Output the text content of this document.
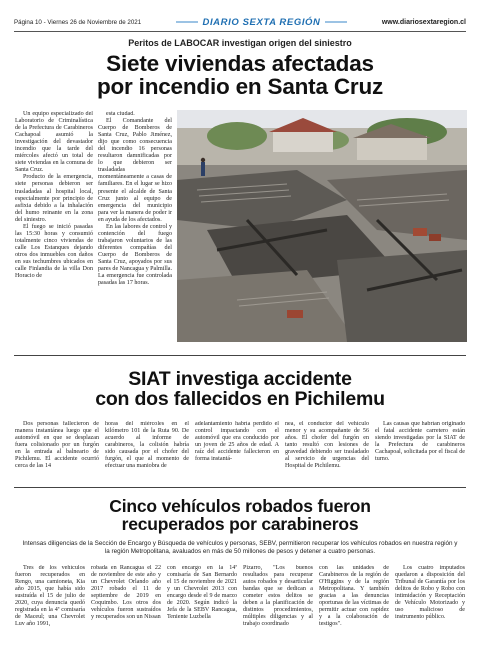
Página 10 - Viernes 26 de Noviembre de 2021	DIARIO SEXTA REGIÓN	www.diariosextaregion.cl
Peritos de LABOCAR investigan origen del siniestro
Siete viviendas afectadas
por incendio en Santa Cruz

Un equipo especializado del Laboratorio de Criminalística de la Prefectura de Carabineros Cachapoal asumió la investigación del devastador incendio que la tarde del miércoles afectó un total de siete viviendas en la comuna de Santa Cruz.

Producto de la emergencia, siete personas debieron ser trasladadas al hospital local, especialmente por principio de asfixia debido a la inhalación del humo reinante en la zona del siniestro.

El fuego se inició pasadas las 15:30 horas y consumió totalmente cinco viviendas de calle Los Estanques dejando otros dos inmuebles con daños en sus techumbres ubicados en calle Finlandia de la villa Don Horacio de

esta ciudad.

El Comandante del Cuerpo de Bomberos de Santa Cruz, Pablo Jiménez, dijo que como consecuencia del incendio 16 personas resultaron damnificadas por lo que debieron ser trasladadas momentáneamente a casas de familiares. En el lugar se hizo presente el alcalde de Santa Cruz junto al equipo de emergencia del municipio para ver la manera de poder ir en ayuda de los afectados.

En las labores de control y contención del fuego trabajaron voluntarios de las diferentes compañías del Cuerpo de Bomberos de Santa Cruz, apoyados por sus pares de Nancagua y Palmilla. La emergencia fue controlada pasadas las 17 horas.

SIAT investiga accidente
con dos fallecidos en Pichilemu

Dos personas fallecieron de manera instantánea luego que el automóvil en que se desplazan fuera colisionado por un furgón en la entrada al balneario de Pichilemu. El accidente ocurrió cerca de las 14

horas del miércoles en el kilómetro 101 de la Ruta 90. De acuerdo al informe de carabineros, la colisión habría sido causada por el chofer del furgón, el que al momento de efectuar una maniobra de

adelantamiento habría perdido el control impactando con el automóvil que era conducido por un joven de 25 años de edad. A raíz del accidente fallecieron en forma instantá-

nea, el conductor del vehículo menor y su acompañante de 56 años. El chofer del furgón en tanto resultó con lesiones de gravedad debiendo ser trasladado al servicio de urgencias del Hospital de Pichilemu.

Las causas que habrían originado el fatal accidente carretero están siendo investigadas por la SIAT de la Prefectura de carabineros Cachapoal, solicitada por el fiscal de turno.

Cinco vehículos robados fueron
recuperados por carabineros
Intensas diligencias de la Sección de Encargo y Búsqueda de vehículos y personas, SEBV, permitieron recuperar los vehículos robados en nuestra región y la región Metropolitana, avaluados en más de 50 millones de pesos y detener a cuatro personas.

Tres de los vehículos fueron recuperados en Rengo, una camioneta, Kia año 2015, que había sido sustraída el 15 de julio de 2020, cuya denuncia quedó registrada en la 4ª comisaría de Maceul; una Chevrolet Luv año 1991,

robada en Rancagua el 22 de noviembre de este año y un Chevrolet Orlando año 2017 robado el 11 de septiembre de 2019 en Coquimbo. Los otros dos vehículos fueron sustraídos y recuperados son un Nissan

con encargo en la 14ª comisaría de San Bernardo el 15 de noviembre de 2021 y un Chevrolet 2013 con encargo desde el 9 de marzo de 2020. Según indicó la Jefa de la SEBV Rancagua, Teniente Luzbella

Pizarro, "Los buenos resultados para recuperar autos robados y desarticular bandas que se dedican a cometer estos delitos se deben a la planificación de distintos procedimientos, múltiples diligencias y al trabajo coordinado

con las unidades de Carabineros de la región de O'Higgins y de la región Metropolitana. Y también gracias a las denuncias oportunas de las víctimas de permitir actuar con rapidez y a la colaboración de testigos".

Los cuatro imputados quedaron a disposición del Tribunal de Garantía por los delitos de Robo y Robo con intimidación y Receptación de Vehículo Motorizado y uso malicioso de instrumento público.
